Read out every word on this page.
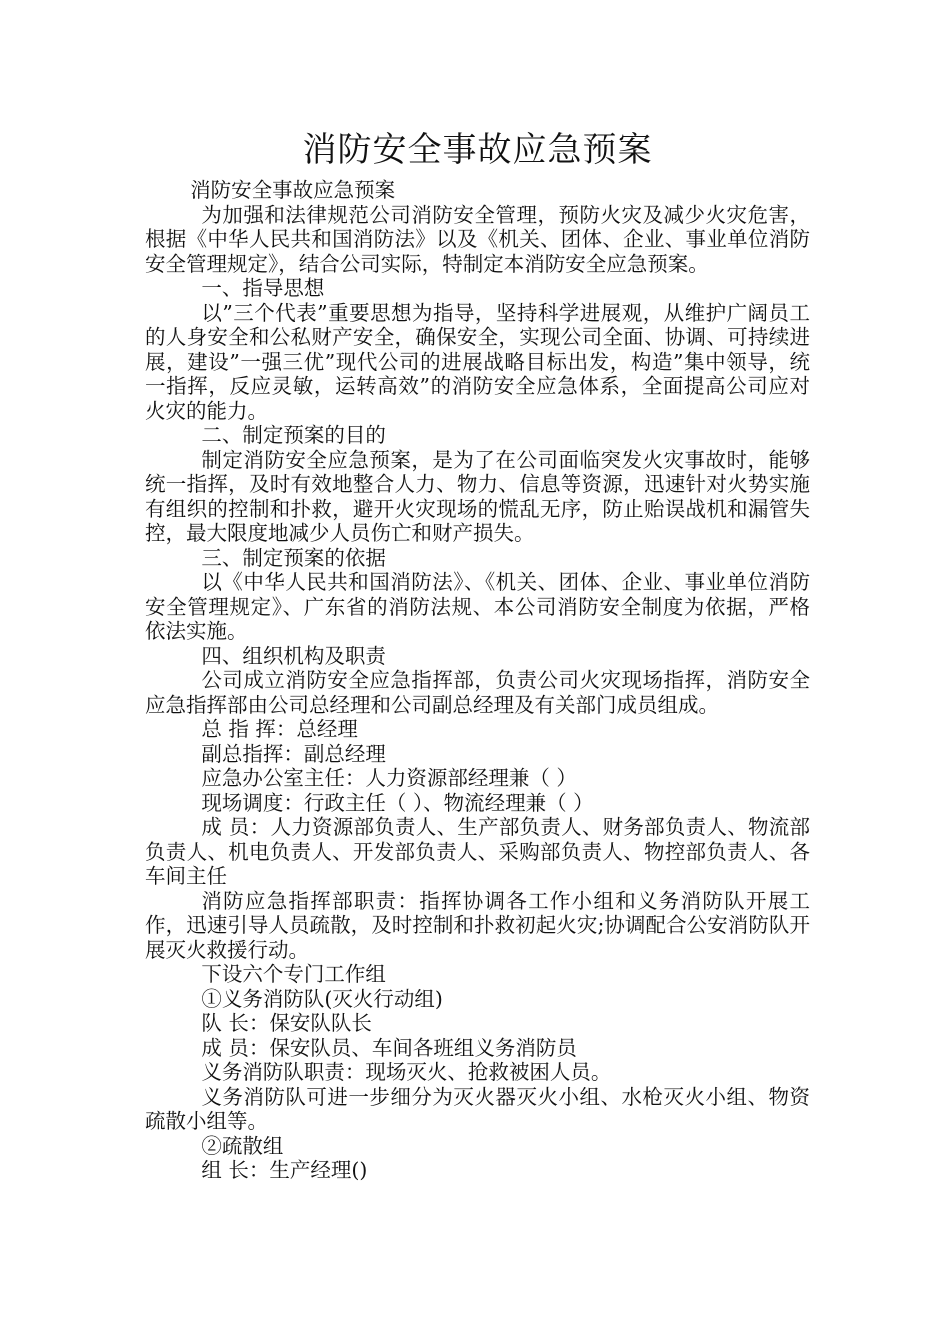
消防安全事故应急预案

消防安全事故应急预案

为加强和法律规范公司消防安全管理，预防火灾及减少火灾危害，根据《中华人民共和国消防法》以及《机关、团体、企业、事业单位消防安全管理规定》，结合公司实际，特制定本消防安全应急预案。

一、指导思想

以”三个代表”重要思想为指导，坚持科学进展观，从维护广阔员工的人身安全和公私财产安全，确保安全，实现公司全面、协调、可持续进展，建设”一强三优”现代公司的进展战略目标出发，构造”集中领导，统一指挥，反应灵敏，运转高效”的消防安全应急体系，全面提高公司应对火灾的能力。

二、制定预案的目的

制定消防安全应急预案，是为了在公司面临突发火灾事故时，能够统一指挥，及时有效地整合人力、物力、信息等资源，迅速针对火势实施有组织的控制和扑救，避开火灾现场的慌乱无序，防止贻误战机和漏管失控，最大限度地减少人员伤亡和财产损失。

三、制定预案的依据

以《中华人民共和国消防法》、《机关、团体、企业、事业单位消防安全管理规定》、广东省的消防法规、本公司消防安全制度为依据，严格依法实施。

四、组织机构及职责

公司成立消防安全应急指挥部，负责公司火灾现场指挥，消防安全应急指挥部由公司总经理和公司副总经理及有关部门成员组成。

总 指 挥：总经理

副总指挥：副总经理

应急办公室主任：人力资源部经理兼（ ）

现场调度：行政主任（ ）、物流经理兼（ ）

成 员：人力资源部负责人、生产部负责人、财务部负责人、物流部负责人、机电负责人、开发部负责人、采购部负责人、物控部负责人、各车间主任

消防应急指挥部职责：指挥协调各工作小组和义务消防队开展工作，迅速引导人员疏散，及时控制和扑救初起火灾;协调配合公安消防队开展灭火救援行动。

下设六个专门工作组

①义务消防队(灭火行动组)

队 长：保安队队长

成 员：保安队员、车间各班组义务消防员

义务消防队职责：现场灭火、抢救被困人员。

义务消防队可进一步细分为灭火器灭火小组、水枪灭火小组、物资疏散小组等。

②疏散组

组 长：生产经理()
